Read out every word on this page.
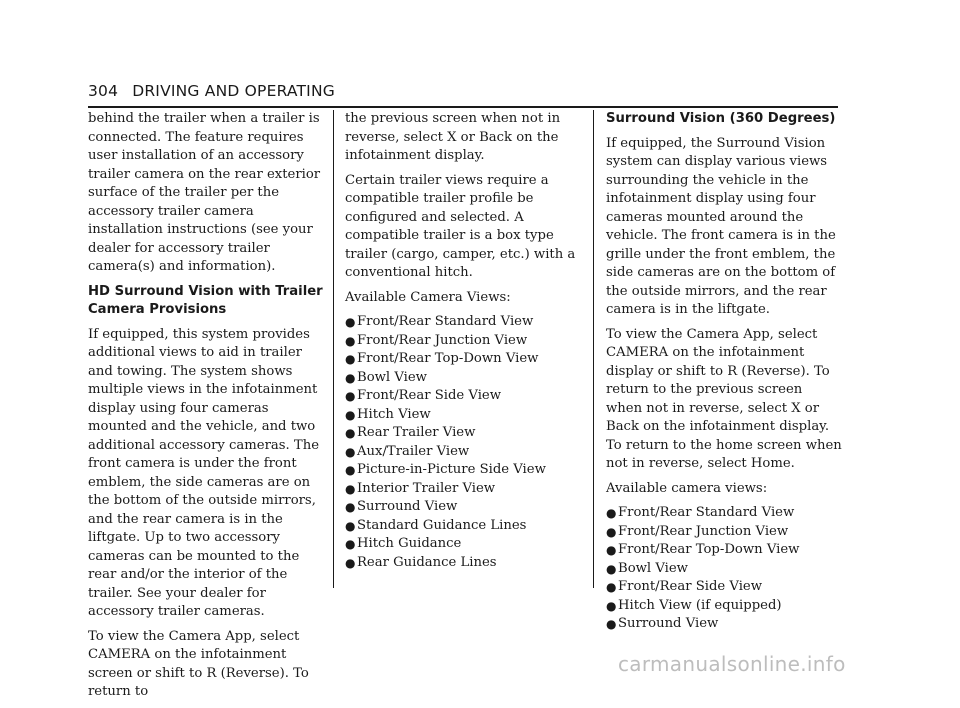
304 DRIVING AND OPERATING

behind the trailer when a trailer is connected. The feature requires user installation of an accessory trailer camera on the rear exterior surface of the trailer per the accessory trailer camera installation instructions (see your dealer for accessory trailer camera(s) and information).

HD Surround Vision with Trailer Camera Provisions

If equipped, this system provides additional views to aid in trailer and towing. The system shows multiple views in the infotainment display using four cameras mounted and the vehicle, and two additional accessory cameras. The front camera is under the front emblem, the side cameras are on the bottom of the outside mirrors, and the rear camera is in the liftgate. Up to two accessory cameras can be mounted to the rear and/or the interior of the trailer. See your dealer for accessory trailer cameras.

To view the Camera App, select CAMERA on the infotainment screen or shift to R (Reverse). To return to

the previous screen when not in reverse, select X or Back on the infotainment display.

Certain trailer views require a compatible trailer profile be configured and selected. A compatible trailer is a box type trailer (cargo, camper, etc.) with a conventional hitch.

Available Camera Views:

● Front/Rear Standard View
● Front/Rear Junction View
● Front/Rear Top-Down View
● Bowl View
● Front/Rear Side View
● Hitch View
● Rear Trailer View
● Aux/Trailer View
● Picture-in-Picture Side View
● Interior Trailer View
● Surround View
● Standard Guidance Lines
● Hitch Guidance
● Rear Guidance Lines
Surround Vision (360 Degrees)

If equipped, the Surround Vision system can display various views surrounding the vehicle in the infotainment display using four cameras mounted around the vehicle. The front camera is in the grille under the front emblem, the side cameras are on the bottom of the outside mirrors, and the rear camera is in the liftgate.

To view the Camera App, select CAMERA on the infotainment display or shift to R (Reverse). To return to the previous screen when not in reverse, select X or Back on the infotainment display. To return to the home screen when not in reverse, select Home.

Available camera views:

● Front/Rear Standard View
● Front/Rear Junction View
● Front/Rear Top-Down View
● Bowl View
● Front/Rear Side View
● Hitch View (if equipped)
● Surround View
carmanualsonline.info
